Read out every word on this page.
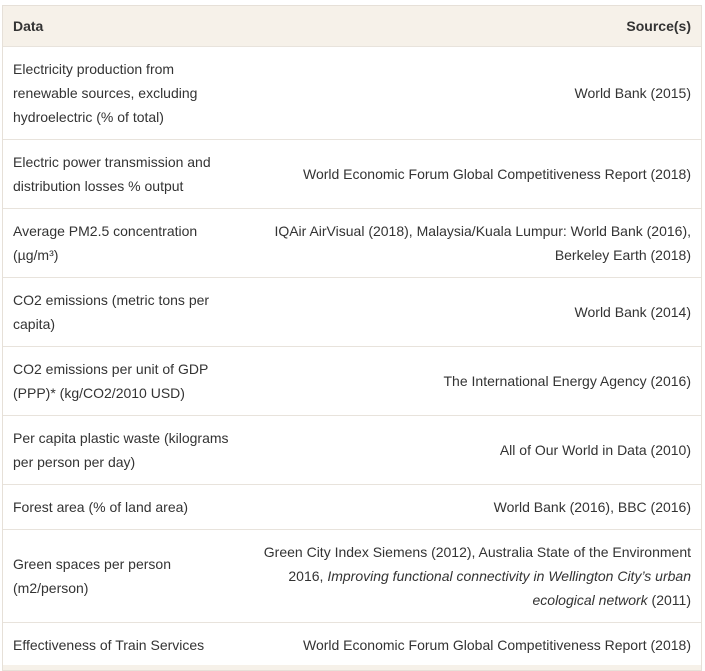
Data	Source(s)
Electricity production from renewable sources, excluding hydroelectric (% of total)	World Bank (2015)
Electric power transmission and distribution losses % output	World Economic Forum Global Competitiveness Report (2018)
Average PM2.5 concentration (µg/m³)	IQAir AirVisual (2018), Malaysia/Kuala Lumpur: World Bank (2016), Berkeley Earth (2018)
CO2 emissions (metric tons per capita)	World Bank (2014)
CO2 emissions per unit of GDP (PPP)* (kg/CO2/2010 USD)	The International Energy Agency (2016)
Per capita plastic waste (kilograms per person per day)	All of Our World in Data (2010)
Forest area (% of land area)	World Bank (2016), BBC (2016)
Green spaces per person (m2/person)	Green City Index Siemens (2012), Australia State of the Environment 2016, Improving functional connectivity in Wellington City’s urban ecological network (2011)
Effectiveness of Train Services	World Economic Forum Global Competitiveness Report (2018)
